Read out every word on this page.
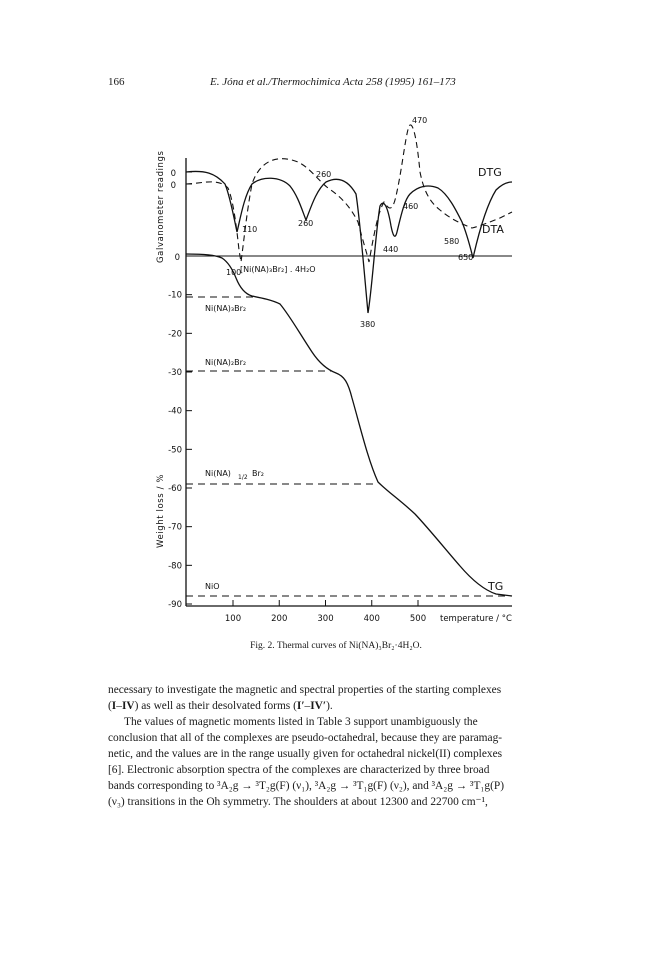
166	E. Jóna et al./Thermochimica Acta 258 (1995) 161–173
0
0
0
-10
-20
-30
-40
-50
-60
-70
-80
-90
100	200	300	400	500
Galvanometer readings
Weight loss / %
temperature / °C
DTG
DTA
TG
110
100
260
260
380
440
460
470
580
650
[Ni(NA)₃Br₂] . 4H₂O
Ni(NA)₃Br₂
Ni(NA)₂Br₂
Ni(NA) 1/2 Br₂
NiO
Fig. 2. Thermal curves of Ni(NA)₃Br₂·4H₂O.

necessary to investigate the magnetic and spectral properties of the starting complexes

(I–IV) as well as their desolvated forms (I′–IV′).

The values of magnetic moments listed in Table 3 support unambiguously the

conclusion that all of the complexes are pseudo-octahedral, because they are paramag-

netic, and the values are in the range usually given for octahedral nickel(II) complexes

[6]. Electronic absorption spectra of the complexes are characterized by three broad

bands corresponding to ³A₂g → ³T₂g(F) (ν₁), ³A₂g → ³T₁g(F) (ν₂), and ³A₂g → ³T₁g(P)

(ν₃) transitions in the Oh symmetry. The shoulders at about 12300 and 22700 cm⁻¹,
